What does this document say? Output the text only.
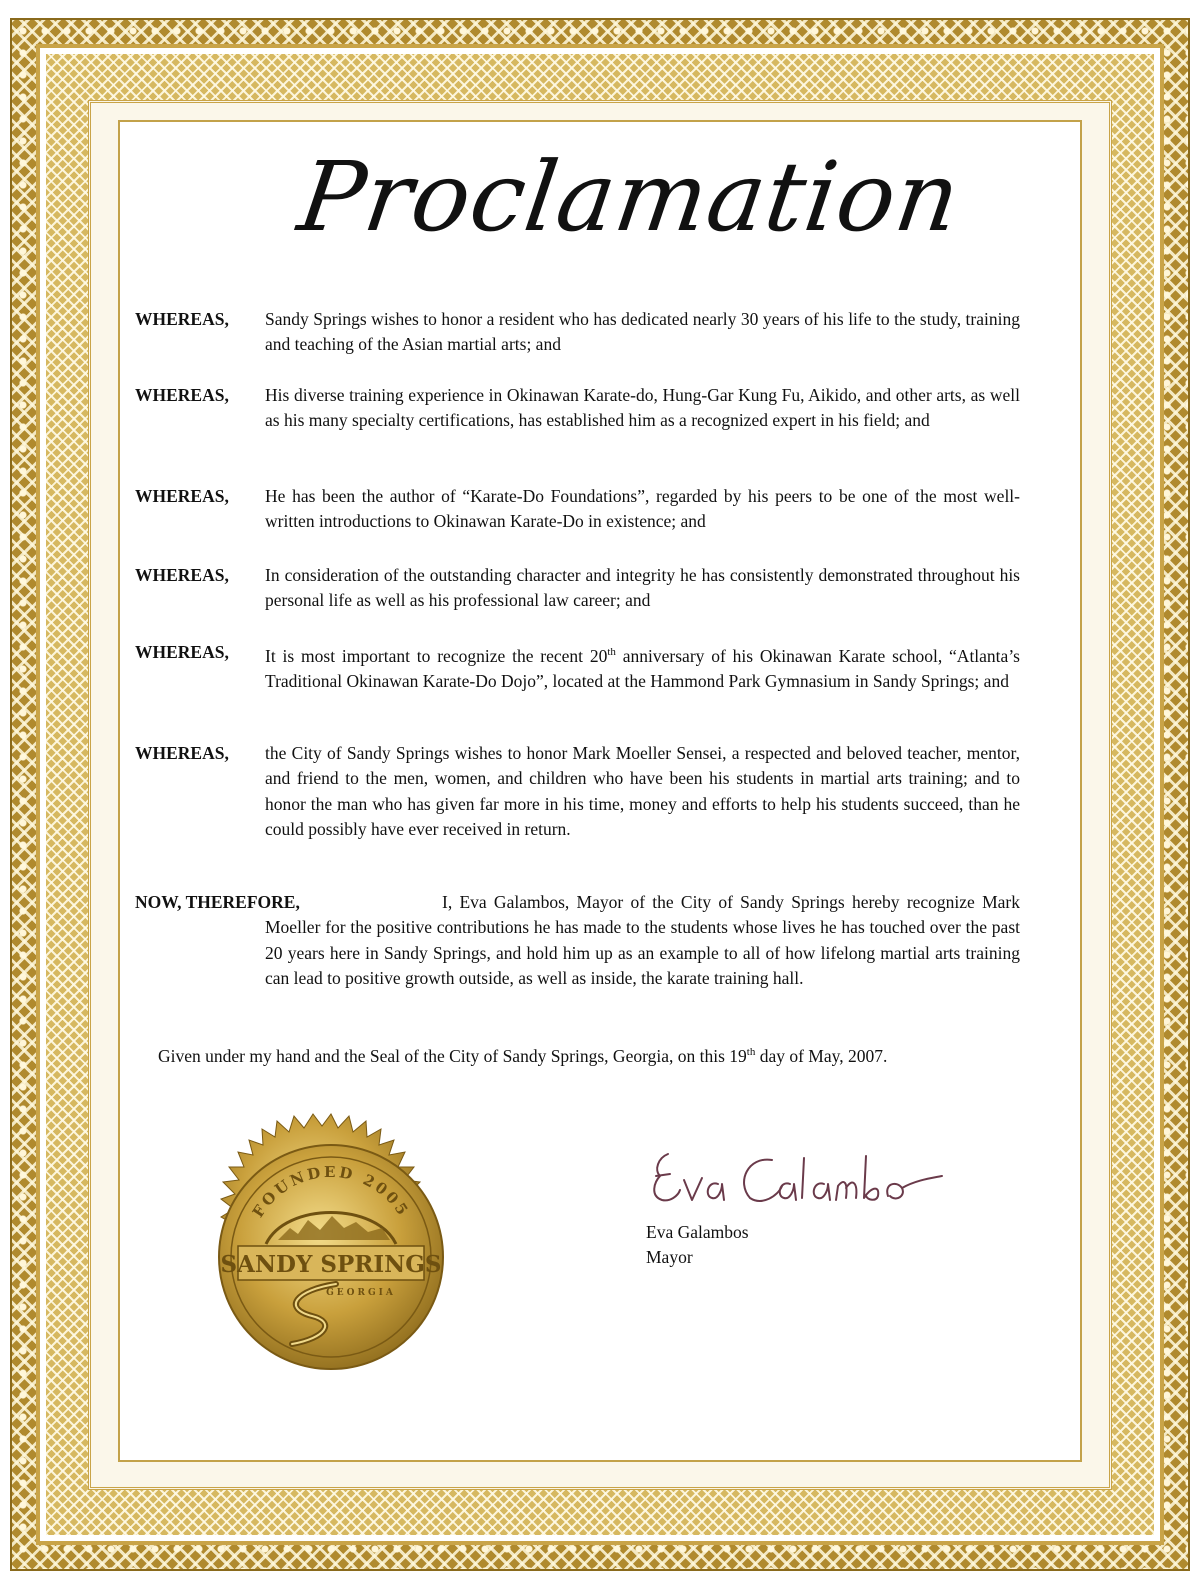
Proclamation
WHEREAS,	Sandy Springs wishes to honor a resident who has dedicated nearly 30 years of his life to the study, training and teaching of the Asian martial arts; and
WHEREAS,	His diverse training experience in Okinawan Karate-do, Hung-Gar Kung Fu, Aikido, and other arts, as well as his many specialty certifications, has established him as a recognized expert in his field; and
WHEREAS,	He has been the author of “Karate-Do Foundations”, regarded by his peers to be one of the most well-written introductions to Okinawan Karate-Do in existence; and
WHEREAS,	In consideration of the outstanding character and integrity he has consistently demonstrated throughout his personal life as well as his professional law career; and
WHEREAS,	It is most important to recognize the recent 20th anniversary of his Okinawan Karate school, “Atlanta’s Traditional Okinawan Karate-Do Dojo”, located at the Hammond Park Gymnasium in Sandy Springs; and
WHEREAS,	the City of Sandy Springs wishes to honor Mark Moeller Sensei, a respected and beloved teacher, mentor, and friend to the men, women, and children who have been his students in martial arts training; and to honor the man who has given far more in his time, money and efforts to help his students succeed, than he could possibly have ever received in return.
NOW, THEREFORE,	I, Eva Galambos, Mayor of the City of Sandy Springs hereby recognize Mark Moeller for the positive contributions he has made to the students whose lives he has touched over the past 20 years here in Sandy Springs, and hold him up as an example to all of how lifelong martial arts training can lead to positive growth outside, as well as inside, the karate training hall.
Given under my hand and the Seal of the City of Sandy Springs, Georgia, on this 19th day of May, 2007.
Eva Galambos
Mayor
FOUNDED 2005
SANDY SPRINGS
GEORGIA
